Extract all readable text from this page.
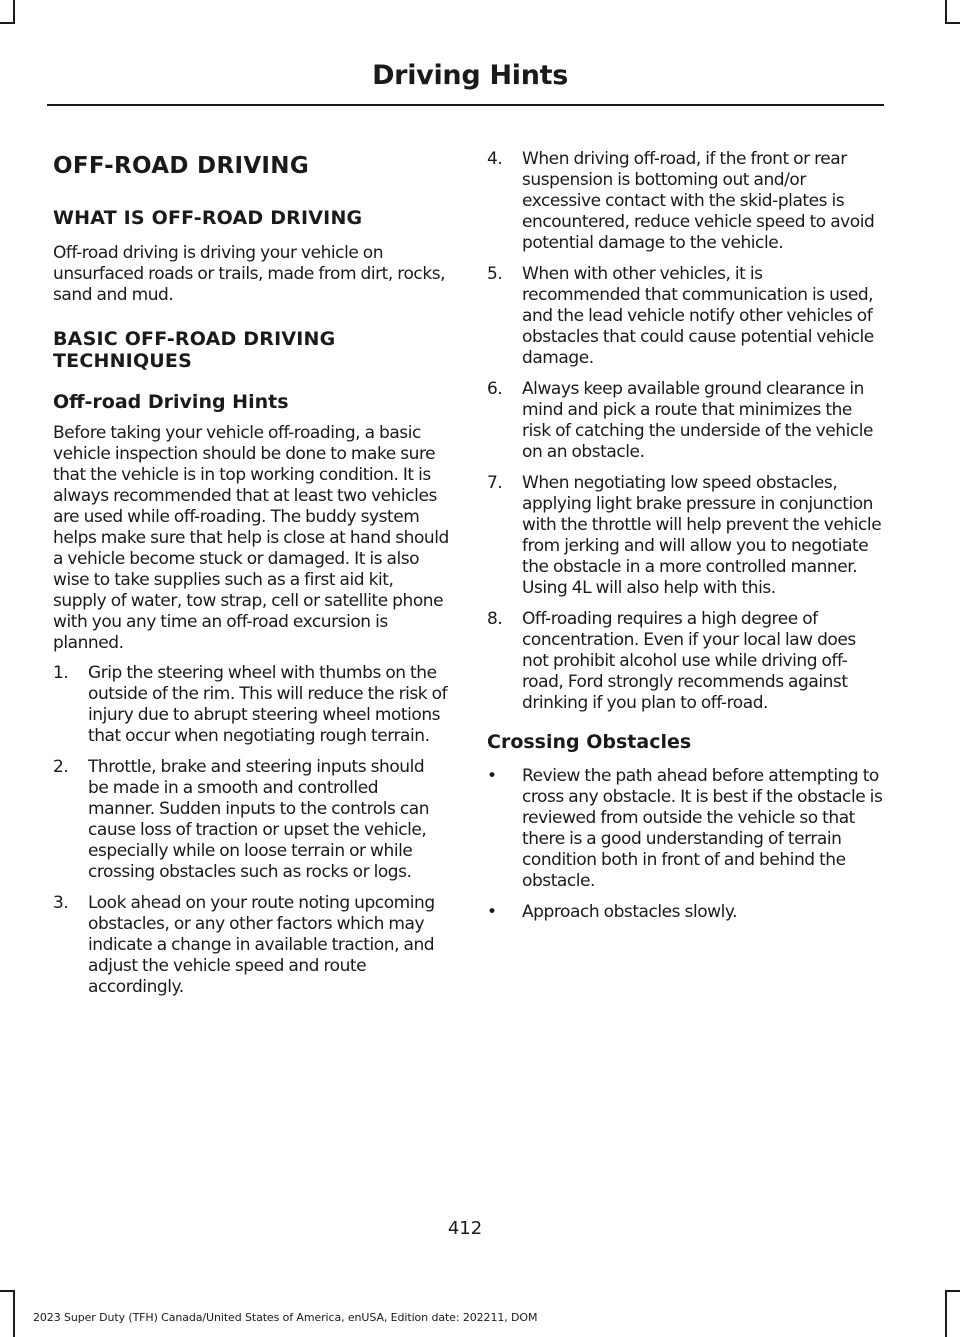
Driving Hints
OFF-ROAD DRIVING
WHAT IS OFF-ROAD DRIVING
Off-road driving is driving your vehicle on unsurfaced roads or trails, made from dirt, rocks, sand and mud.
BASIC OFF-ROAD DRIVING TECHNIQUES
Off-road Driving Hints
Before taking your vehicle off-roading, a basic vehicle inspection should be done to make sure that the vehicle is in top working condition. It is always recommended that at least two vehicles are used while off-roading. The buddy system helps make sure that help is close at hand should a vehicle become stuck or damaged. It is also wise to take supplies such as a first aid kit, supply of water, tow strap, cell or satellite phone with you any time an off-road excursion is planned.
1. Grip the steering wheel with thumbs on the outside of the rim. This will reduce the risk of injury due to abrupt steering wheel motions that occur when negotiating rough terrain.
2. Throttle, brake and steering inputs should be made in a smooth and controlled manner. Sudden inputs to the controls can cause loss of traction or upset the vehicle, especially while on loose terrain or while crossing obstacles such as rocks or logs.
3. Look ahead on your route noting upcoming obstacles, or any other factors which may indicate a change in available traction, and adjust the vehicle speed and route accordingly.
4. When driving off-road, if the front or rear suspension is bottoming out and/or excessive contact with the skid-plates is encountered, reduce vehicle speed to avoid potential damage to the vehicle.
5. When with other vehicles, it is recommended that communication is used, and the lead vehicle notify other vehicles of obstacles that could cause potential vehicle damage.
6. Always keep available ground clearance in mind and pick a route that minimizes the risk of catching the underside of the vehicle on an obstacle.
7. When negotiating low speed obstacles, applying light brake pressure in conjunction with the throttle will help prevent the vehicle from jerking and will allow you to negotiate the obstacle in a more controlled manner. Using 4L will also help with this.
8. Off-roading requires a high degree of concentration. Even if your local law does not prohibit alcohol use while driving off-road, Ford strongly recommends against drinking if you plan to off-road.
Crossing Obstacles
• Review the path ahead before attempting to cross any obstacle. It is best if the obstacle is reviewed from outside the vehicle so that there is a good understanding of terrain condition both in front of and behind the obstacle.
• Approach obstacles slowly.
412
2023 Super Duty (TFH) Canada/United States of America, enUSA, Edition date: 202211, DOM
